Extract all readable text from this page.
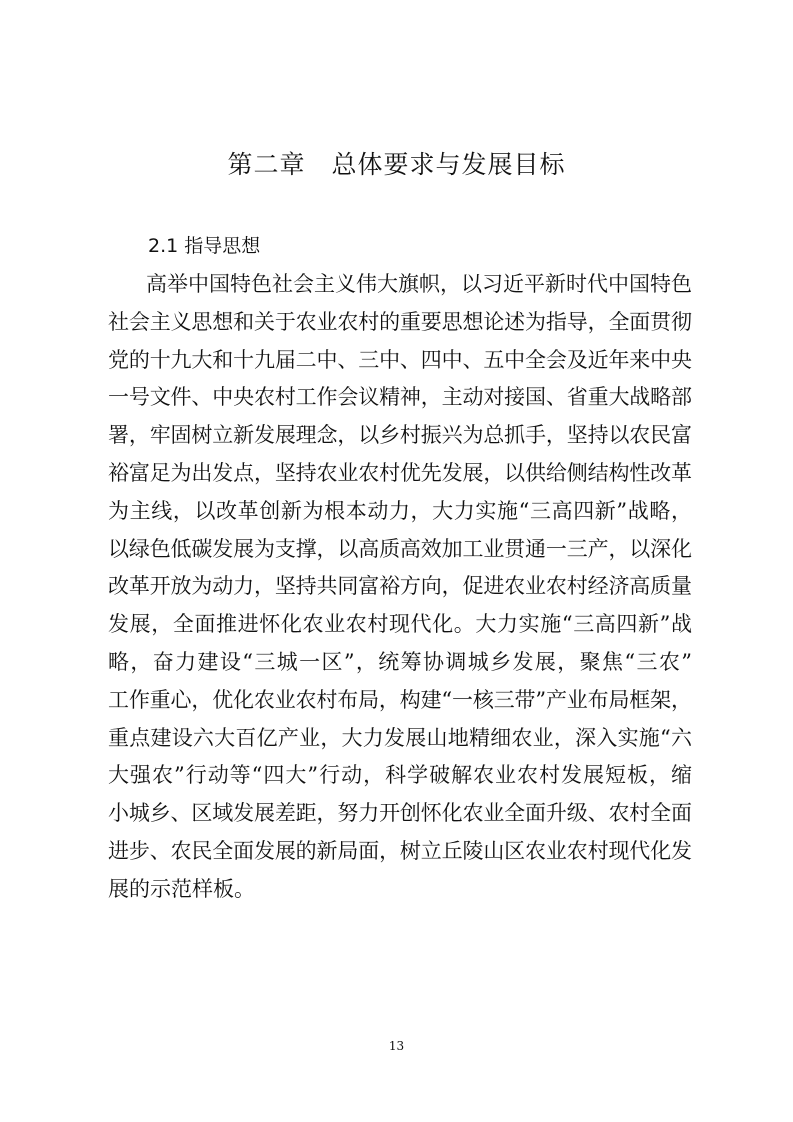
第二章　总体要求与发展目标
2.1 指导思想
高举中国特色社会主义伟大旗帜，以习近平新时代中国特色
社会主义思想和关于农业农村的重要思想论述为指导，全面贯彻
党的十九大和十九届二中、三中、四中、五中全会及近年来中央
一号文件、中央农村工作会议精神，主动对接国、省重大战略部
署，牢固树立新发展理念，以乡村振兴为总抓手，坚持以农民富
裕富足为出发点，坚持农业农村优先发展，以供给侧结构性改革
为主线，以改革创新为根本动力，大力实施“三高四新”战略，
以绿色低碳发展为支撑，以高质高效加工业贯通一三产，以深化
改革开放为动力，坚持共同富裕方向，促进农业农村经济高质量
发展，全面推进怀化农业农村现代化。大力实施“三高四新”战
略，奋力建设“三城一区”，统筹协调城乡发展，聚焦“三农”
工作重心，优化农业农村布局，构建“一核三带”产业布局框架，
重点建设六大百亿产业，大力发展山地精细农业，深入实施“六
大强农”行动等“四大”行动，科学破解农业农村发展短板，缩
小城乡、区域发展差距，努力开创怀化农业全面升级、农村全面
进步、农民全面发展的新局面，树立丘陵山区农业农村现代化发
展的示范样板。
13
